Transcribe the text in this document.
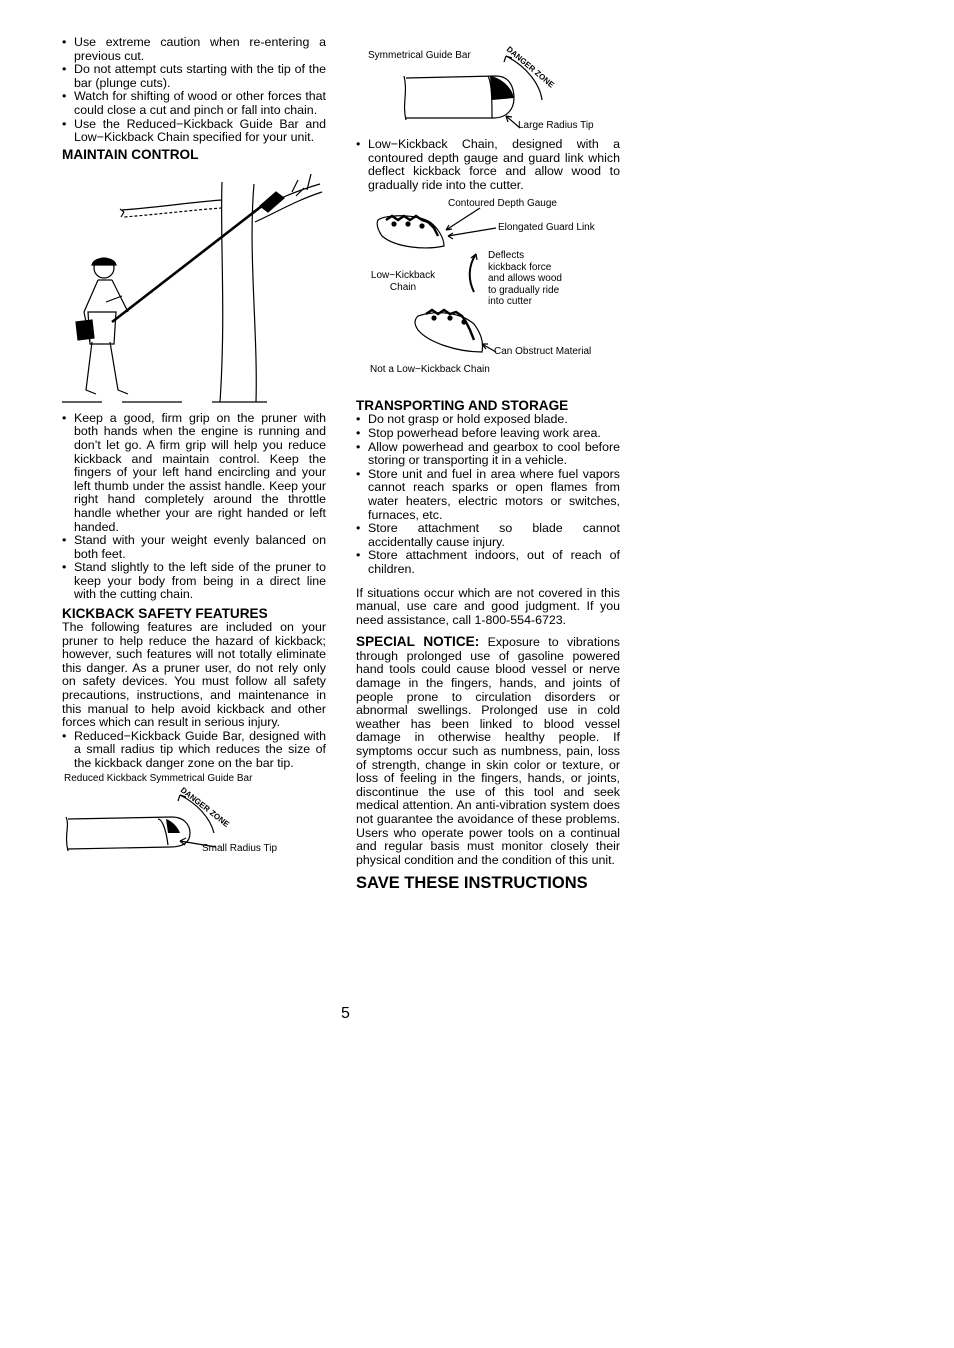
• Use extreme caution when re-entering a previous cut.
• Do not attempt cuts starting with the tip of the bar (plunge cuts).
• Watch for shifting of wood or other forces that could close a cut and pinch or fall into chain.
• Use the Reduced−Kickback Guide Bar and Low−Kickback Chain specified for your unit.
MAINTAIN CONTROL
• Keep a good, firm grip on the pruner with both hands when the engine is running and don’t let go. A firm grip will help you reduce kickback and maintain control. Keep the fingers of your left hand encircling and your left thumb under the assist handle. Keep your right hand completely around the throttle handle whether your are right handed or left handed.
• Stand with your weight evenly balanced on both feet.
• Stand slightly to the left side of the pruner to keep your body from being in a direct line with the cutting chain.
KICKBACK SAFETY FEATURES

The following features are included on your pruner to help reduce the hazard of kickback; however, such features will not totally eliminate this danger. As a pruner user, do not rely only on safety devices. You must follow all safety precautions, instructions, and maintenance in this manual to help avoid kickback and other forces which can result in serious injury.

• Reduced−Kickback Guide Bar, designed with a small radius tip which reduces the size of the kickback danger zone on the bar tip.
Reduced Kickback Symmetrical Guide Bar
DANGER ZONE
Small Radius Tip
Symmetrical Guide Bar	DANGER ZONE
Large Radius Tip
• Low−Kickback Chain, designed with a contoured depth gauge and guard link which deflect kickback force and allow wood to gradually ride into the cutter.
Contoured Depth Gauge
Elongated Guard Link
Deflects
kickback force
and allows wood
to gradually ride
into cutter
Low−Kickback
Chain
Can Obstruct Material
Not a Low−Kickback Chain
TRANSPORTING AND STORAGE
• Do not grasp or hold exposed blade.
• Stop powerhead before leaving work area.
• Allow powerhead and gearbox to cool before storing or transporting it in a vehicle.
• Store unit and fuel in area where fuel vapors cannot reach sparks or open flames from water heaters, electric motors or switches, furnaces, etc.
• Store attachment so blade cannot accidentally cause injury.
• Store attachment indoors, out of reach of children.

If situations occur which are not covered in this manual, use care and good judgment. If you need assistance, call 1-800-554-6723.

SPECIAL NOTICE: Exposure to vibrations through prolonged use of gasoline powered hand tools could cause blood vessel or nerve damage in the fingers, hands, and joints of people prone to circulation disorders or abnormal swellings. Prolonged use in cold weather has been linked to blood vessel damage in otherwise healthy people. If symptoms occur such as numbness, pain, loss of strength, change in skin color or texture, or loss of feeling in the fingers, hands, or joints, discontinue the use of this tool and seek medical attention. An anti-vibration system does not guarantee the avoidance of these problems. Users who operate power tools on a continual and regular basis must monitor closely their physical condition and the condition of this unit.

SAVE THESE INSTRUCTIONS
5
